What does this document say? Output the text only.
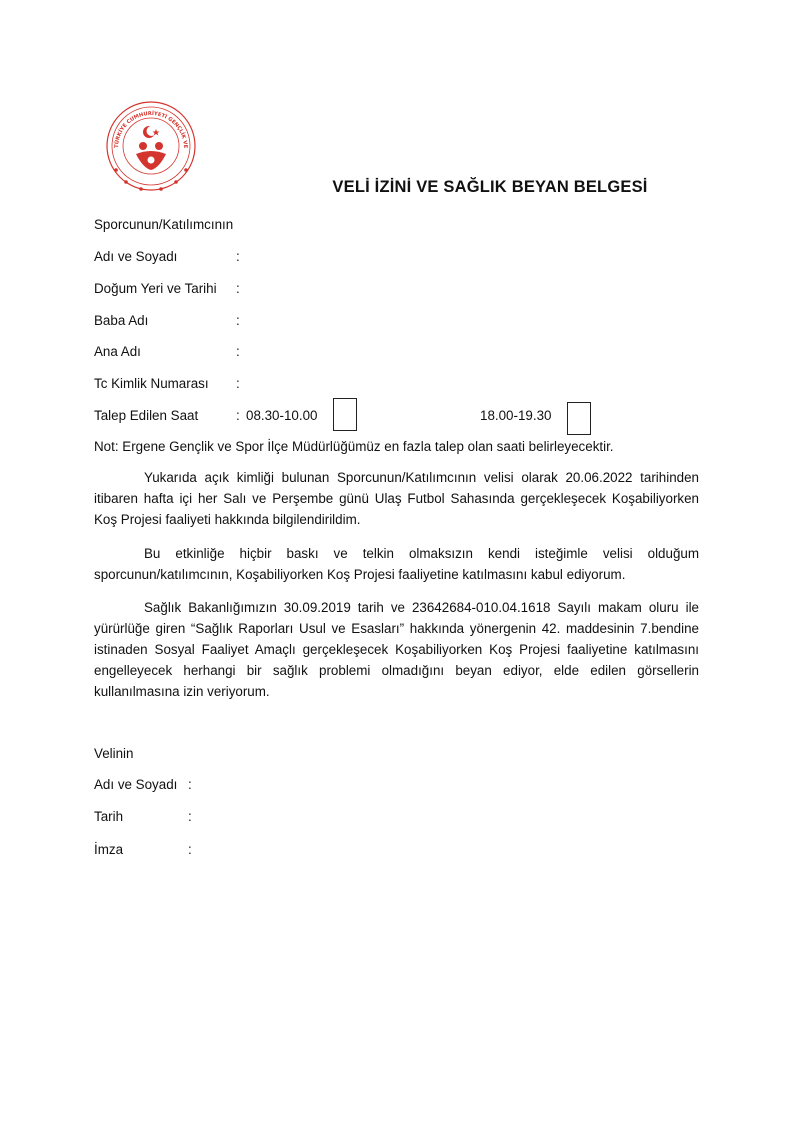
TÜRKİYE CUMHURİYETİ GENÇLİK VE
VELİ İZİNİ VE SAĞLIK BEYAN BELGESİ
Sporcunun/Katılımcının
Adı ve Soyadı	:
Doğum Yeri ve Tarihi :
Baba Adı	:
Ana Adı	:
Tc Kimlik Numarası :
Talep Edilen Saat	: 08.30-10.00	18.00-19.30
Not: Ergene Gençlik ve Spor İlçe Müdürlüğümüz en fazla talep olan saati belirleyecektir.

Yukarıda açık kimliği bulunan Sporcunun/Katılımcının velisi olarak 20.06.2022 tarihinden itibaren hafta içi her Salı ve Perşembe günü Ulaş Futbol Sahasında gerçekleşecek Koşabiliyorken Koş Projesi faaliyeti hakkında bilgilendirildim.

Bu etkinliğe hiçbir baskı ve telkin olmaksızın kendi isteğimle velisi olduğum sporcunun/katılımcının, Koşabiliyorken Koş Projesi faaliyetine katılmasını kabul ediyorum.

Sağlık Bakanlığımızın 30.09.2019 tarih ve 23642684-010.04.1618 Sayılı makam oluru ile yürürlüğe giren “Sağlık Raporları Usul ve Esasları” hakkında yönergenin 42. maddesinin 7.bendine istinaden Sosyal Faaliyet Amaçlı gerçekleşecek Koşabiliyorken Koş Projesi faaliyetine katılmasını engelleyecek herhangi bir sağlık problemi olmadığını beyan ediyor, elde edilen görsellerin kullanılmasına izin veriyorum.

Velinin
Adı ve Soyadı :
Tarih	:
İmza	:
